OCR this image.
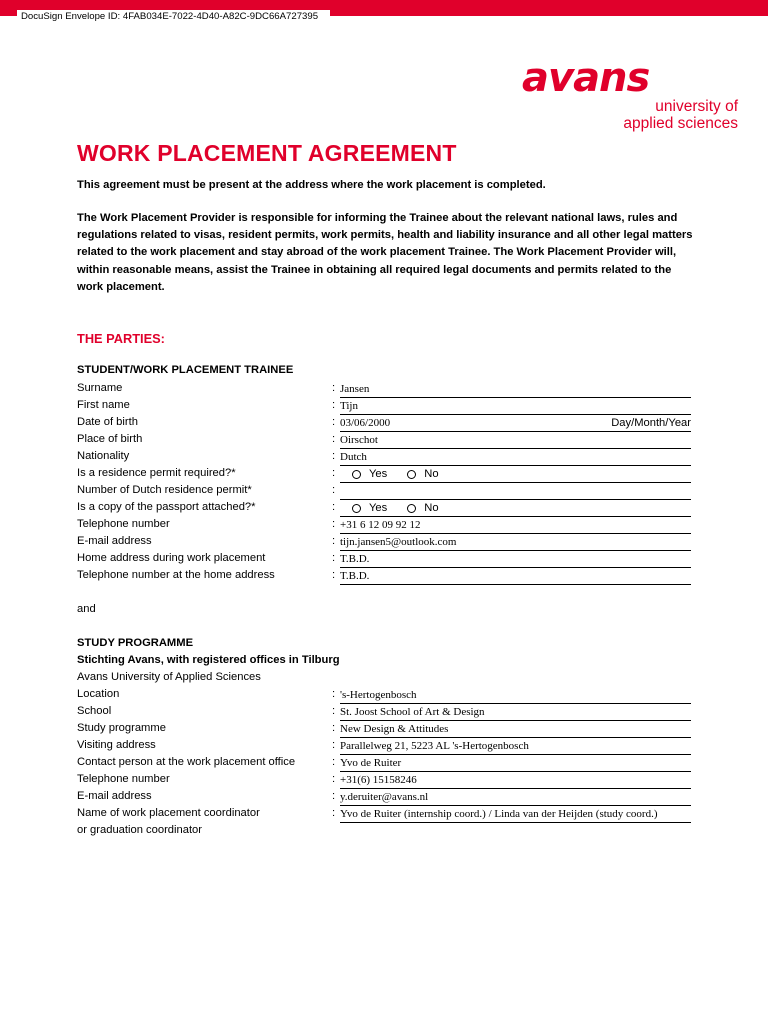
DocuSign Envelope ID: 4FAB034E-7022-4D40-A82C-9DC66A727395
avans
university of
applied sciences
WORK PLACEMENT AGREEMENT
This agreement must be present at the address where the work placement is completed.
The Work Placement Provider is responsible for informing the Trainee about the relevant national laws, rules and regulations related to visas, resident permits, work permits, health and liability insurance and all other legal matters related to the work placement and stay abroad of the work placement Trainee. The Work Placement Provider will, within reasonable means, assist the Trainee in obtaining all required legal documents and permits related to the work placement.
THE PARTIES:
STUDENT/WORK PLACEMENT TRAINEE
Surname	: Jansen
First name	: Tijn
Date of birth	: 03/06/2000	Day/Month/Year
Place of birth	: Oirschot
Nationality	: Dutch
Is a residence permit required?*	:	Yes	No
Number of Dutch residence permit*	:
Is a copy of the passport attached?*	:	Yes	No
Telephone number	: +31 6 12 09 92 12
E-mail address	: tijn.jansen5@outlook.com
Home address during work placement	: T.B.D.
Telephone number at the home address	: T.B.D.
and
STUDY PROGRAMME
Stichting Avans, with registered offices in Tilburg
Avans University of Applied Sciences
Location	: 's-Hertogenbosch
School	: St. Joost School of Art & Design
Study programme	: New Design & Attitudes
Visiting address	: Parallelweg 21, 5223 AL 's-Hertogenbosch
Contact person at the work placement office	: Yvo de Ruiter
Telephone number	: +31(6) 15158246
E-mail address	: y.deruiter@avans.nl
Name of work placement coordinator	: Yvo de Ruiter (internship coord.) / Linda van der Heijden (study coord.)
or graduation coordinator
